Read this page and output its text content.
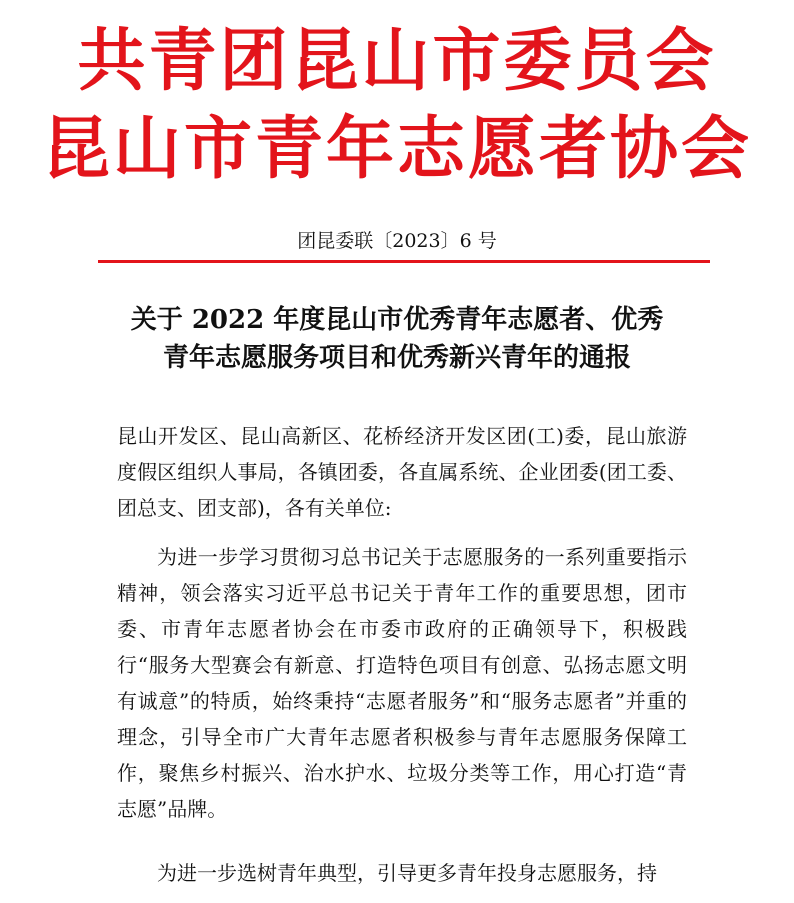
共青团昆山市委员会
昆山市青年志愿者协会
团昆委联〔2023〕6 号
关于 2022 年度昆山市优秀青年志愿者、优秀
青年志愿服务项目和优秀新兴青年的通报

昆山开发区、昆山高新区、花桥经济开发区团(工)委，昆山旅游度假区组织人事局，各镇团委，各直属系统、企业团委(团工委、团总支、团支部)，各有关单位:

为进一步学习贯彻习总书记关于志愿服务的一系列重要指示精神，领会落实习近平总书记关于青年工作的重要思想，团市委、市青年志愿者协会在市委市政府的正确领导下，积极践行“服务大型赛会有新意、打造特色项目有创意、弘扬志愿文明有诚意”的特质，始终秉持“志愿者服务”和“服务志愿者”并重的理念，引导全市广大青年志愿者积极参与青年志愿服务保障工作，聚焦乡村振兴、治水护水、垃圾分类等工作，用心打造“青志愿”品牌。

为进一步选树青年典型，引导更多青年投身志愿服务，持
